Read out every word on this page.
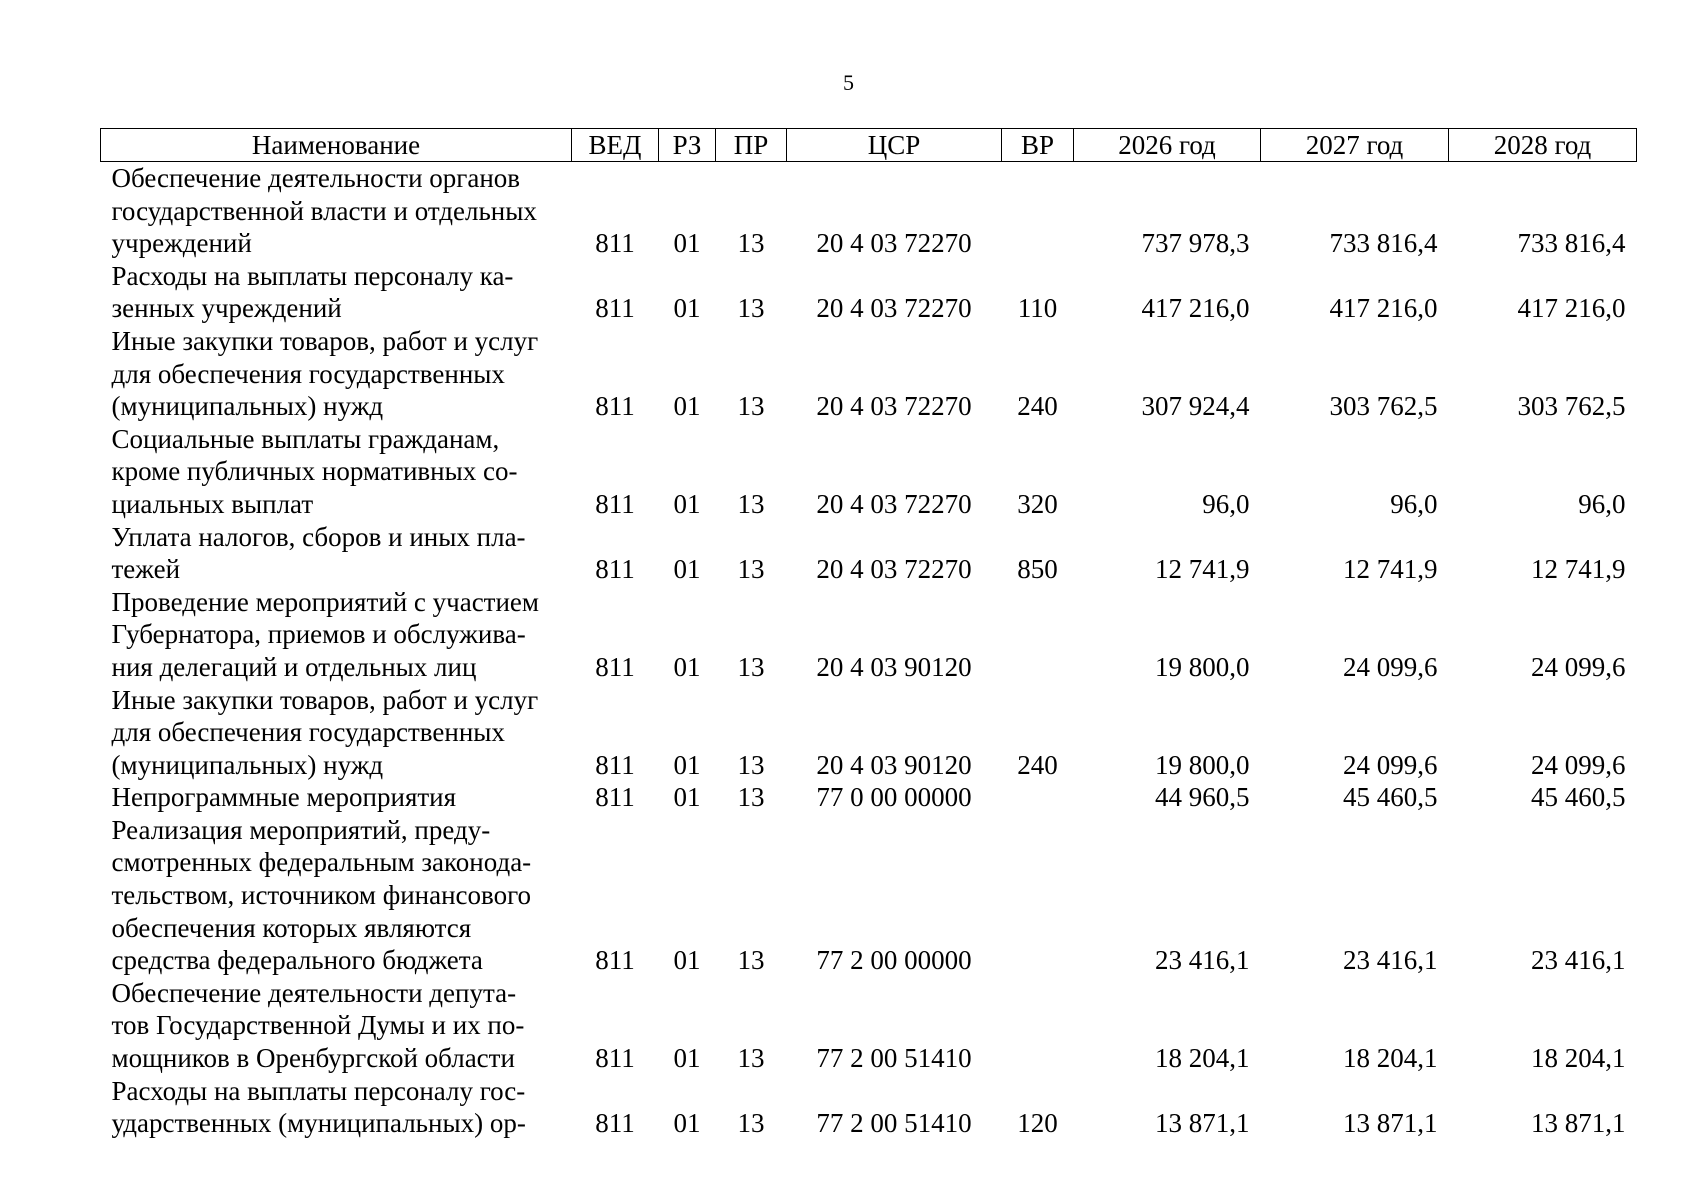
5
Наименование	ВЕД	РЗ	ПР	ЦСР	ВР	2026 год	2027 год	2028 год

Обеспечение деятельности органов
государственной власти и отдельных
учреждений	811	01	13	20 4 03 72270		737 978,3	733 816,4	733 816,4

Расходы на выплаты персоналу ка-
зенных учреждений	811	01	13	20 4 03 72270	110	417 216,0	417 216,0	417 216,0

Иные закупки товаров, работ и услуг
для обеспечения государственных
(муниципальных) нужд	811	01	13	20 4 03 72270	240	307 924,4	303 762,5	303 762,5

Социальные выплаты гражданам,
кроме публичных нормативных со-
циальных выплат	811	01	13	20 4 03 72270	320	96,0	96,0	96,0

Уплата налогов, сборов и иных пла-
тежей	811	01	13	20 4 03 72270	850	12 741,9	12 741,9	12 741,9

Проведение мероприятий с участием
Губернатора, приемов и обслужива-
ния делегаций и отдельных лиц	811	01	13	20 4 03 90120		19 800,0	24 099,6	24 099,6

Иные закупки товаров, работ и услуг
для обеспечения государственных
(муниципальных) нужд	811	01	13	20 4 03 90120	240	19 800,0	24 099,6	24 099,6

Непрограммные мероприятия	811	01	13	77 0 00 00000		44 960,5	45 460,5	45 460,5

Реализация мероприятий, преду-
смотренных федеральным законода-
тельством, источником финансового
обеспечения которых являются
средства федерального бюджета	811	01	13	77 2 00 00000		23 416,1	23 416,1	23 416,1

Обеспечение деятельности депута-
тов Государственной Думы и их по-
мощников в Оренбургской области	811	01	13	77 2 00 51410		18 204,1	18 204,1	18 204,1

Расходы на выплаты персоналу гос-
ударственных (муниципальных) ор-	811	01	13	77 2 00 51410	120	13 871,1	13 871,1	13 871,1
